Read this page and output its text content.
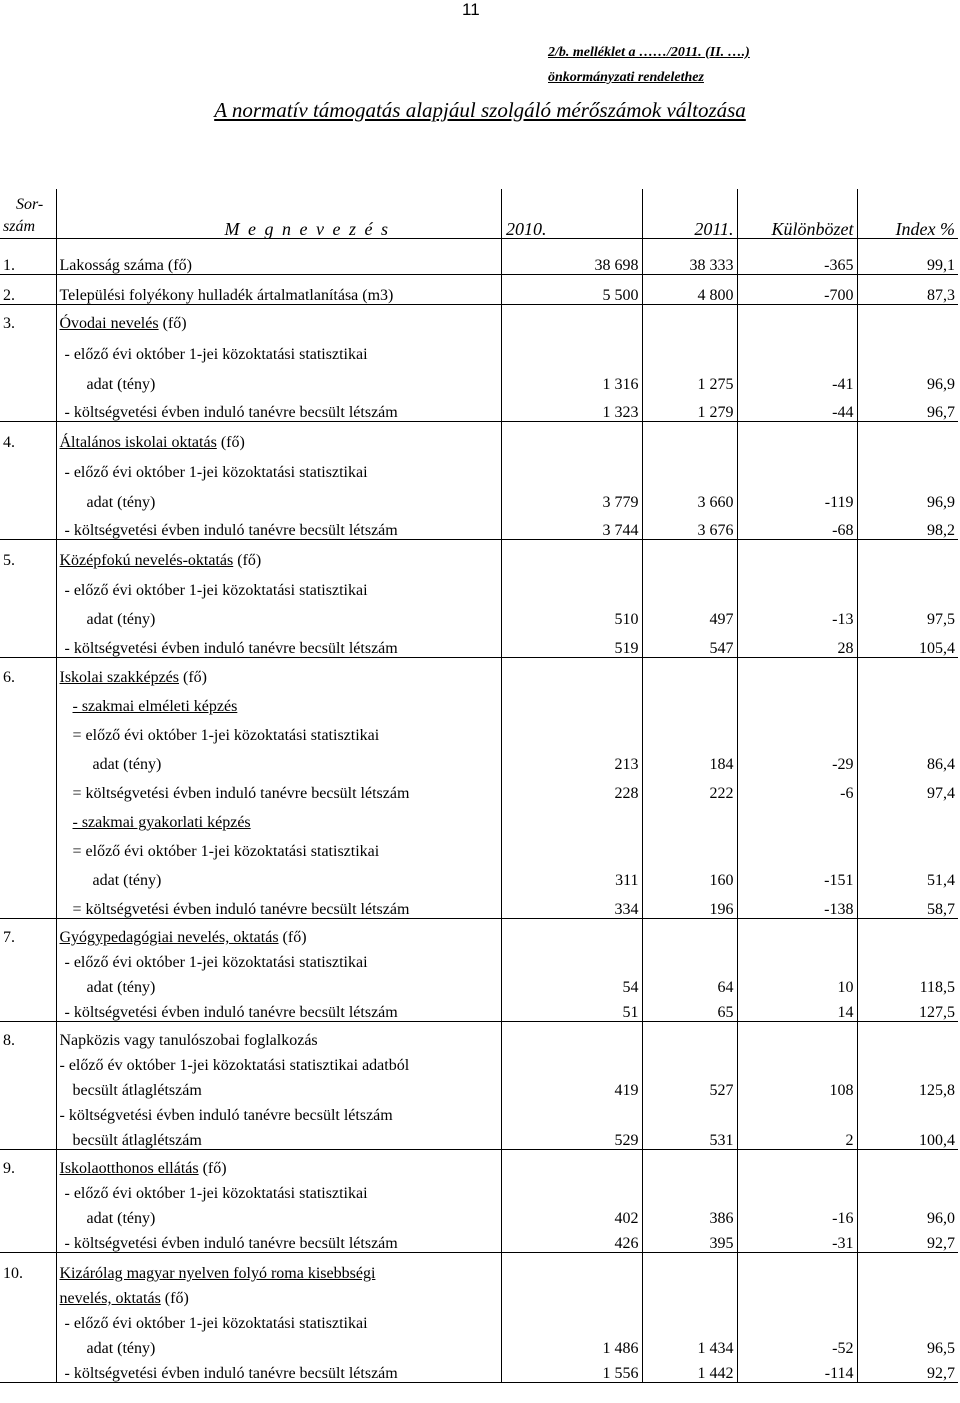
11
2/b. melléklet a ……/2011. (II. ….)
önkormányzati rendelethez
A normatív támogatás alapjául szolgáló mérőszámok változása
Sor-
szám	M e g n e v e z é s	2010.	2011.	Különbözet	Index %
1.	Lakosság száma (fő)	38 698	38 333	-365	99,1
2.	Települési folyékony hulladék ártalmatlanítása (m3)	5 500	4 800	-700	87,3
3.	Óvodai nevelés (fő)				
	- előző évi október 1-jei közoktatási statisztikai				
	adat (tény)	1 316	1 275	-41	96,9
	- költségvetési évben induló tanévre becsült létszám	1 323	1 279	-44	96,7
4.	Általános iskolai oktatás (fő)				
	- előző évi október 1-jei közoktatási statisztikai				
	adat (tény)	3 779	3 660	-119	96,9
	- költségvetési évben induló tanévre becsült létszám	3 744	3 676	-68	98,2
5.	Középfokú nevelés-oktatás (fő)				
	- előző évi október 1-jei közoktatási statisztikai				
	adat (tény)	510	497	-13	97,5
	- költségvetési évben induló tanévre becsült létszám	519	547	28	105,4
6.	Iskolai szakképzés (fő)				
	- szakmai elméleti képzés				
	= előző évi október 1-jei közoktatási statisztikai				
	adat (tény)	213	184	-29	86,4
	= költségvetési évben induló tanévre becsült létszám	228	222	-6	97,4
	- szakmai gyakorlati képzés				
	= előző évi október 1-jei közoktatási statisztikai				
	adat (tény)	311	160	-151	51,4
	= költségvetési évben induló tanévre becsült létszám	334	196	-138	58,7
7.	Gyógypedagógiai nevelés, oktatás (fő)				
	- előző évi október 1-jei közoktatási statisztikai				
	adat (tény)	54	64	10	118,5
	- költségvetési évben induló tanévre becsült létszám	51	65	14	127,5
8.	Napközis vagy tanulószobai foglalkozás				
	- előző év október 1-jei közoktatási statisztikai adatból				
	becsült átlaglétszám	419	527	108	125,8
	- költségvetési évben induló tanévre becsült létszám				
	becsült átlaglétszám	529	531	2	100,4
9.	Iskolaotthonos ellátás (fő)				
	- előző évi október 1-jei közoktatási statisztikai				
	adat (tény)	402	386	-16	96,0
	- költségvetési évben induló tanévre becsült létszám	426	395	-31	92,7
10.	Kizárólag magyar nyelven folyó roma kisebbségi				
	nevelés, oktatás (fő)				
	- előző évi október 1-jei közoktatási statisztikai				
	adat (tény)	1 486	1 434	-52	96,5
	- költségvetési évben induló tanévre becsült létszám	1 556	1 442	-114	92,7
